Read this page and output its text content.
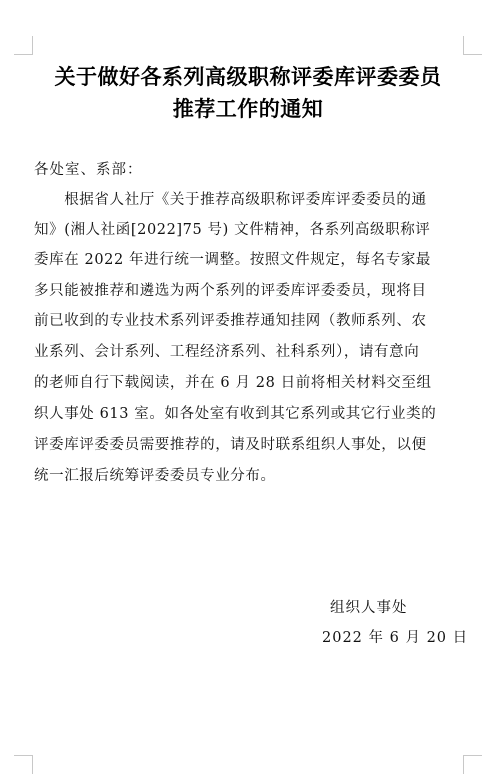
关于做好各系列高级职称评委库评委委员
推荐工作的通知
各处室、系部：
　　根据省人社厅《关于推荐高级职称评委库评委委员的通
知》(湘人社函[2022]75 号) 文件精神，各系列高级职称评
委库在 2022 年进行统一调整。按照文件规定，每名专家最
多只能被推荐和遴选为两个系列的评委库评委委员，现将目
前已收到的专业技术系列评委推荐通知挂网（教师系列、农
业系列、会计系列、工程经济系列、社科系列），请有意向
的老师自行下载阅读，并在 6 月 28 日前将相关材料交至组
织人事处 613 室。如各处室有收到其它系列或其它行业类的
评委库评委委员需要推荐的，请及时联系组织人事处，以便
统一汇报后统筹评委委员专业分布。
组织人事处
2022 年 6 月 20 日
